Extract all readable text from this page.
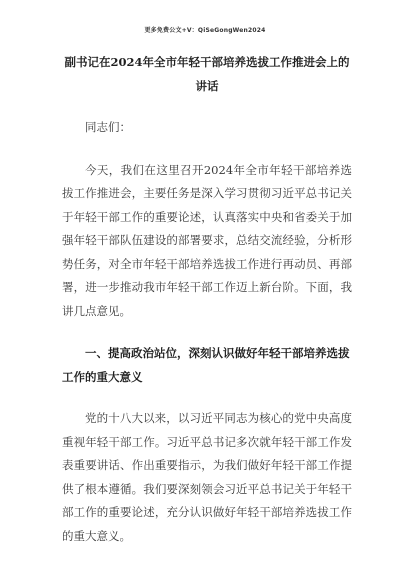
更多免费公文+V：QiSeGongWen2024

副书记在2024年全市年轻干部培养选拔工作推进会上的讲话

同志们：

今天，我们在这里召开2024年全市年轻干部培养选拔工作推进会，主要任务是深入学习贯彻习近平总书记关于年轻干部工作的重要论述，认真落实中央和省委关于加强年轻干部队伍建设的部署要求，总结交流经验，分析形势任务，对全市年轻干部培养选拔工作进行再动员、再部署，进一步推动我市年轻干部工作迈上新台阶。下面，我讲几点意见。

一、提高政治站位，深刻认识做好年轻干部培养选拔工作的重大意义

党的十八大以来，以习近平同志为核心的党中央高度重视年轻干部工作。习近平总书记多次就年轻干部工作发表重要讲话、作出重要指示，为我们做好年轻干部工作提供了根本遵循。我们要深刻领会习近平总书记关于年轻干部工作的重要论述，充分认识做好年轻干部培养选拔工作的重大意义。
